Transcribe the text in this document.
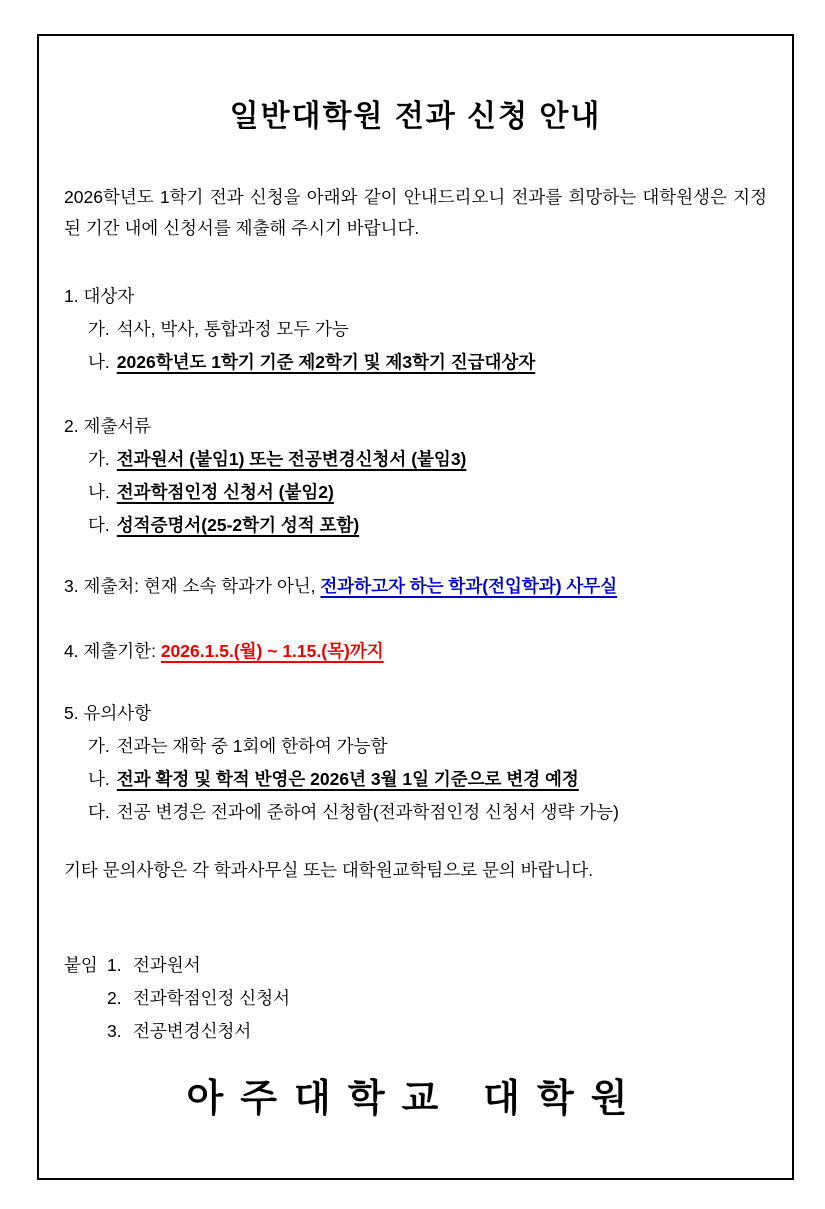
일반대학원 전과 신청 안내

2026학년도 1학기 전과 신청을 아래와 같이 안내드리오니 전과를 희망하는 대학원생은 지정된 기간 내에 신청서를 제출해 주시기 바랍니다.

1. 대상자

가. 석사, 박사, 통합과정 모두 가능

나. 2026학년도 1학기 기준 제2학기 및 제3학기 진급대상자

2. 제출서류

가. 전과원서 (붙임1) 또는 전공변경신청서 (붙임3)

나. 전과학점인정 신청서 (붙임2)

다. 성적증명서(25-2학기 성적 포함)

3. 제출처: 현재 소속 학과가 아닌, 전과하고자 하는 학과(전입학과) 사무실

4. 제출기한: 2026.1.5.(월) ~ 1.15.(목)까지

5. 유의사항

가. 전과는 재학 중 1회에 한하여 가능함

나. 전과 확정 및 학적 반영은 2026년 3월 1일 기준으로 변경 예정

다. 전공 변경은 전과에 준하여 신청함(전과학점인정 신청서 생략 가능)

기타 문의사항은 각 학과사무실 또는 대학원교학팀으로 문의 바랍니다.

붙임 1. 전과원서

2. 전과학점인정 신청서

3. 전공변경신청서

아주대학교 대학원
